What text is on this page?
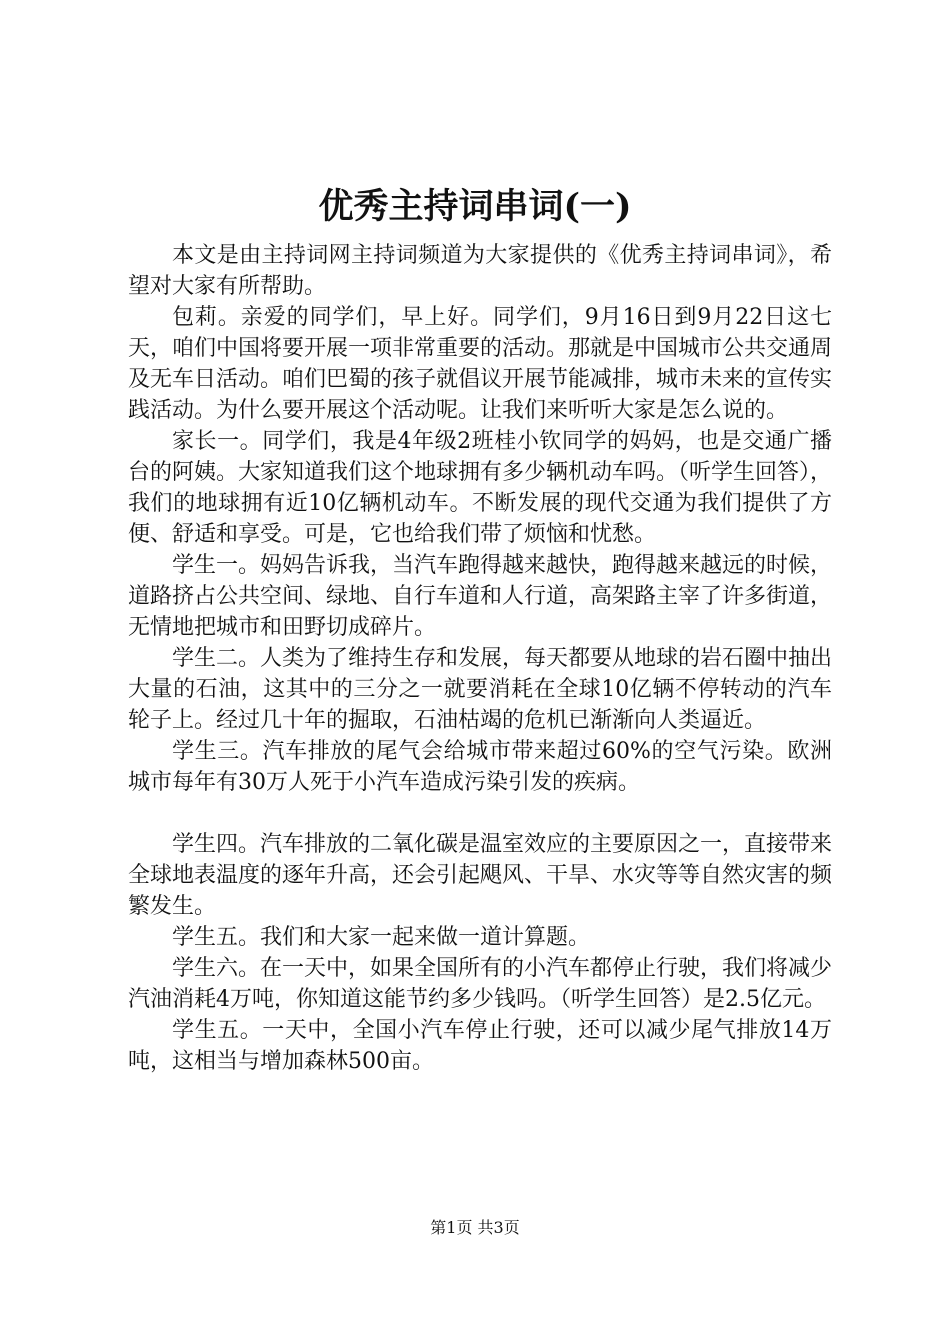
优秀主持词串词(一)

本文是由主持词网主持词频道为大家提供的《优秀主持词串词》，希望对大家有所帮助。

包莉。亲爱的同学们，早上好。同学们，9月16日到9月22日这七天，咱们中国将要开展一项非常重要的活动。那就是中国城市公共交通周及无车日活动。咱们巴蜀的孩子就倡议开展节能减排，城市未来的宣传实践活动。为什么要开展这个活动呢。让我们来听听大家是怎么说的。

家长一。同学们，我是4年级2班桂小钦同学的妈妈，也是交通广播台的阿姨。大家知道我们这个地球拥有多少辆机动车吗。（听学生回答），我们的地球拥有近10亿辆机动车。不断发展的现代交通为我们提供了方便、舒适和享受。可是，它也给我们带了烦恼和忧愁。

学生一。妈妈告诉我，当汽车跑得越来越快，跑得越来越远的时候，道路挤占公共空间、绿地、自行车道和人行道，高架路主宰了许多街道，无情地把城市和田野切成碎片。

学生二。人类为了维持生存和发展，每天都要从地球的岩石圈中抽出大量的石油，这其中的三分之一就要消耗在全球10亿辆不停转动的汽车轮子上。经过几十年的掘取，石油枯竭的危机已渐渐向人类逼近。

学生三。汽车排放的尾气会给城市带来超过60%的空气污染。欧洲城市每年有30万人死于小汽车造成污染引发的疾病。

学生四。汽车排放的二氧化碳是温室效应的主要原因之一，直接带来全球地表温度的逐年升高，还会引起飓风、干旱、水灾等等自然灾害的频繁发生。

学生五。我们和大家一起来做一道计算题。

学生六。在一天中，如果全国所有的小汽车都停止行驶，我们将减少汽油消耗4万吨，你知道这能节约多少钱吗。（听学生回答）是2.5亿元。

学生五。一天中，全国小汽车停止行驶，还可以减少尾气排放14万吨，这相当与增加森林500亩。

第1页 共3页
